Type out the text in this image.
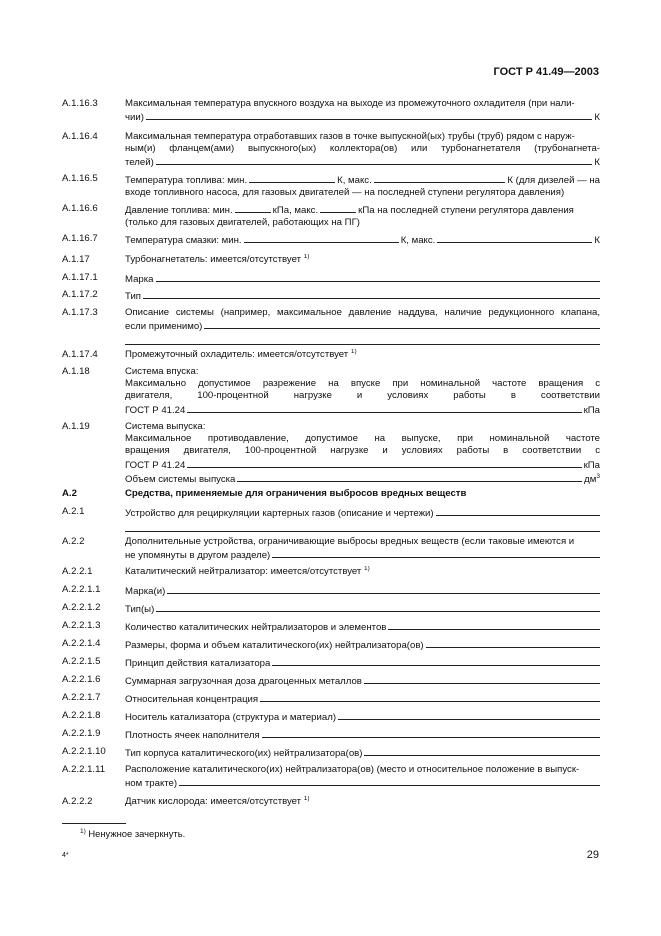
ГОСТ Р 41.49—2003
A.1.16.3	Максимальная температура впускного воздуха на выходе из промежуточного охладителя (при нали-
чии)	К
A.1.16.4	Максимальная температура отработавших газов в точке выпускной(ых) трубы (труб) рядом с наруж-
ным(и) фланцем(ами) выпускного(ых) коллектора(ов) или турбонагнетателя (трубонагнета-
телей)	К
A.1.16.5	Температура топлива: мин.	К, макс.	К (для дизелей — на
входе топливного насоса, для газовых двигателей — на последней ступени регулятора давления)
A.1.16.6	Давление топлива: мин.	кПа, макс.	кПа на последней ступени регулятора давления
(только для газовых двигателей, работающих на ПГ)
A.1.16.7	Температура смазки: мин.	К, макс.	К
A.1.17	Турбонагнетатель: имеется/отсутствует $^{1)}$
A.1.17.1	Марка
A.1.17.2	Тип
A.1.17.3	Описание системы (например, максимальное давление наддува, наличие редукционного клапана,
если применимо)
A.1.17.4	Промежуточный охладитель: имеется/отсутствует $^{1)}$
A.1.18	Система впуска:
Максимально допустимое разрежение на впуске при номинальной частоте вращения с
двигателя, 100-процентной нагрузке и условиях работы в соответствии
ГОСТ Р 41.24	кПа
A.1.19	Система выпуска:
Максимальное противодавление, допустимое на выпуске, при номинальной частоте
вращения двигателя, 100-процентной нагрузке и условиях работы в соответствии с
ГОСТ Р 41.24	кПа
Объем системы выпуска	$дм^3$
A.2	Средства, применяемые для ограничения выбросов вредных веществ
A.2.1	Устройство для рециркуляции картерных газов (описание и чертежи)
A.2.2	Дополнительные устройства, ограничивающие выбросы вредных веществ (если таковые имеются и
не упомянуты в другом разделе)
A.2.2.1	Каталитический нейтрализатор: имеется/отсутствует $^{1)}$
A.2.2.1.1	Марка(и)
A.2.2.1.2	Тип(ы)
A.2.2.1.3	Количество каталитических нейтрализаторов и элементов
A.2.2.1.4	Размеры, форма и объем каталитического(их) нейтрализатора(ов)
A.2.2.1.5	Принцип действия катализатора
A.2.2.1.6	Суммарная загрузочная доза драгоценных металлов
A.2.2.1.7	Относительная концентрация
A.2.2.1.8	Носитель катализатора (структура и материал)
A.2.2.1.9	Плотность ячеек наполнителя
A.2.2.1.10 Тип корпуса каталитического(их) нейтрализатора(ов)
A.2.2.1.11 Расположение каталитического(их) нейтрализатора(ов) (место и относительное положение в выпуск-
ном тракте)
A.2.2.2	Датчик кислорода: имеется/отсутствует $^{1)}$
$^{1)}$ Ненужное зачеркнуть.
4*	29
